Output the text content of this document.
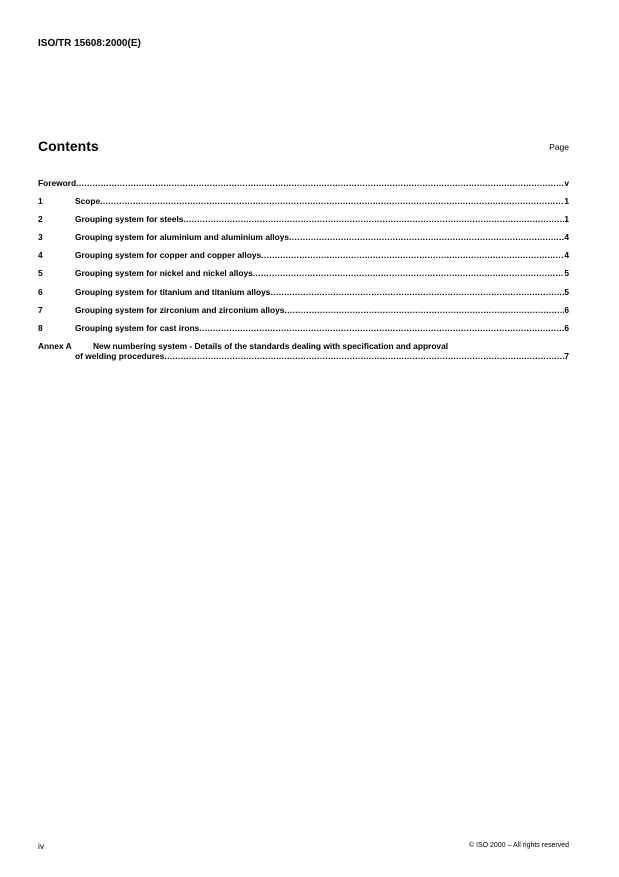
ISO/TR 15608:2000(E)
Contents	Page
Foreword .....	v
1	Scope .....	1
2	Grouping system for steels .....	1
3	Grouping system for aluminium and aluminium alloys .....	4
4	Grouping system for copper and copper alloys .....	4
5	Grouping system for nickel and nickel alloys .....	5
6	Grouping system for titanium and titanium alloys .....	5
7	Grouping system for zirconium and zirconium alloys .....	6
8	Grouping system for cast irons .....	6
Annex A	New numbering system - Details of the standards dealing with specification and approval
of welding procedures .....	7
iv	© ISO 2000 – All rights reserved
